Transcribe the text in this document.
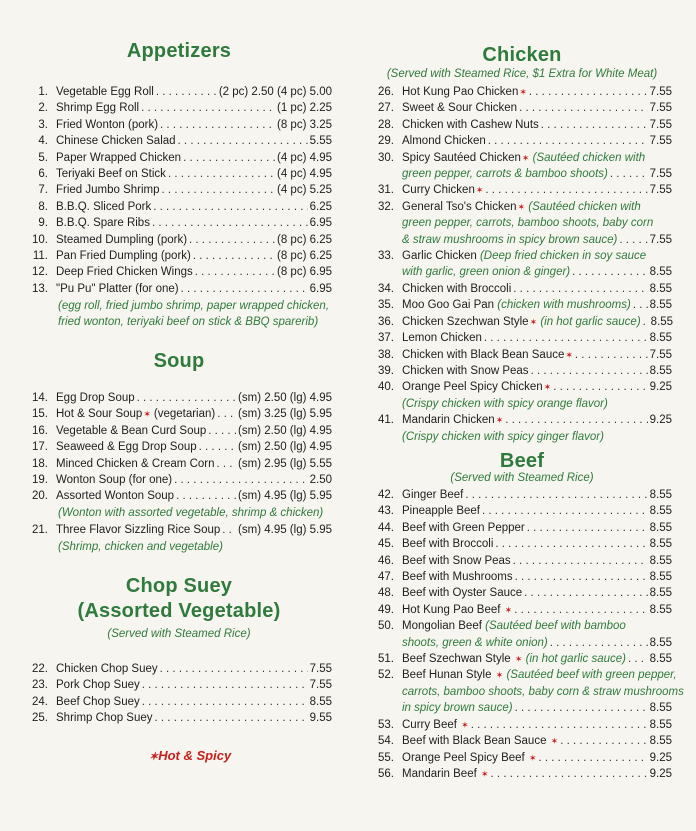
Appetizers
1. Vegetable Egg Roll . . .	(2 pc) 2.50 (4 pc) 5.00
2. Shrimp Egg Roll . . .	(1 pc) 2.25
3. Fried Wonton (pork) . . .	(8 pc) 3.25
4. Chinese Chicken Salad . . .	5.55
5. Paper Wrapped Chicken . . .	(4 pc) 4.95
6. Teriyaki Beef on Stick . . .	(4 pc) 4.95
7. Fried Jumbo Shrimp . . .	(4 pc) 5.25
8. B.B.Q. Sliced Pork . . .	6.25
9. B.B.Q. Spare Ribs . . .	6.95
10. Steamed Dumpling (pork) . . .	(8 pc) 6.25
11. Pan Fried Dumpling (pork) . . .	(8 pc) 6.25
12. Deep Fried Chicken Wings . . .	(8 pc) 6.95
13. "Pu Pu" Platter (for one) . . .	6.95
(egg roll, fried jumbo shrimp, paper wrapped chicken, fried wonton, teriyaki beef on stick & BBQ sparerib)
Soup
14. Egg Drop Soup . . .	(sm) 2.50 (lg) 4.95
15. Hot & Sour Soup✶ (vegetarian) . . . (sm) 3.25 (lg) 5.95
16. Vegetable & Bean Curd Soup . . .	(sm) 2.50 (lg) 4.95
17. Seaweed & Egg Drop Soup . . .	(sm) 2.50 (lg) 4.95
18. Minced Chicken & Cream Corn . . . (sm) 2.95 (lg) 5.55
19. Wonton Soup (for one) . . .	2.50
20. Assorted Wonton Soup . . .	(sm) 4.95 (lg) 5.95
(Wonton with assorted vegetable, shrimp & chicken)
21. Three Flavor Sizzling Rice Soup . . . (sm) 4.95 (lg) 5.95
(Shrimp, chicken and vegetable)
Chop Suey
(Assorted Vegetable)
(Served with Steamed Rice)
22. Chicken Chop Suey . . .	7.55
23. Pork Chop Suey . . .	7.55
24. Beef Chop Suey . . .	8.55
25. Shrimp Chop Suey . . .	9.55
✶Hot & Spicy
Chicken
(Served with Steamed Rice, $1 Extra for White Meat)
26. Hot Kung Pao Chicken✶ . . .	7.55
27. Sweet & Sour Chicken . . .	7.55
28. Chicken with Cashew Nuts . . .	7.55
29. Almond Chicken . . .	7.55
30. Spicy Sautéed Chicken✶ (Sautéed chicken with
green pepper, carrots & bamboo shoots) . . .	7.55
31. Curry Chicken✶ . . .	7.55
32. General Tso's Chicken✶ (Sautéed chicken with
green pepper, carrots, bamboo shoots, baby corn
& straw mushrooms in spicy brown sauce) . . .	7.55
33. Garlic Chicken (Deep fried chicken in soy sauce
with garlic, green onion & ginger) . . .	8.55
34. Chicken with Broccoli . . .	8.55
35. Moo Goo Gai Pan (chicken with mushrooms) . . . 8.55
36. Chicken Szechwan Style✶ (in hot garlic sauce) . . . 8.55
37. Lemon Chicken . . .	8.55
38. Chicken with Black Bean Sauce✶ . . .	7.55
39. Chicken with Snow Peas . . .	8.55
40. Orange Peel Spicy Chicken✶ . . .	9.25
(Crispy chicken with spicy orange flavor)
41. Mandarin Chicken✶ . . .	9.25
(Crispy chicken with spicy ginger flavor)
Beef
(Served with Steamed Rice)
42. Ginger Beef . . .	8.55
43. Pineapple Beef . . .	8.55
44. Beef with Green Pepper . . .	8.55
45. Beef with Broccoli . . .	8.55
46. Beef with Snow Peas . . .	8.55
47. Beef with Mushrooms . . .	8.55
48. Beef with Oyster Sauce . . .	8.55
49. Hot Kung Pao Beef ✶ . . .	8.55
50. Mongolian Beef (Sautéed beef with bamboo
shoots, green & white onion) . . .	8.55
51. Beef Szechwan Style ✶ (in hot garlic sauce) . . . 8.55
52. Beef Hunan Style ✶ (Sautéed beef with green pepper,
carrots, bamboo shoots, baby corn & straw mushrooms
in spicy brown sauce) . . .	8.55
53. Curry Beef ✶ . . .	8.55
54. Beef with Black Bean Sauce ✶ . . .	8.55
55. Orange Peel Spicy Beef ✶ . . .	9.25
56. Mandarin Beef ✶ . . .	9.25
